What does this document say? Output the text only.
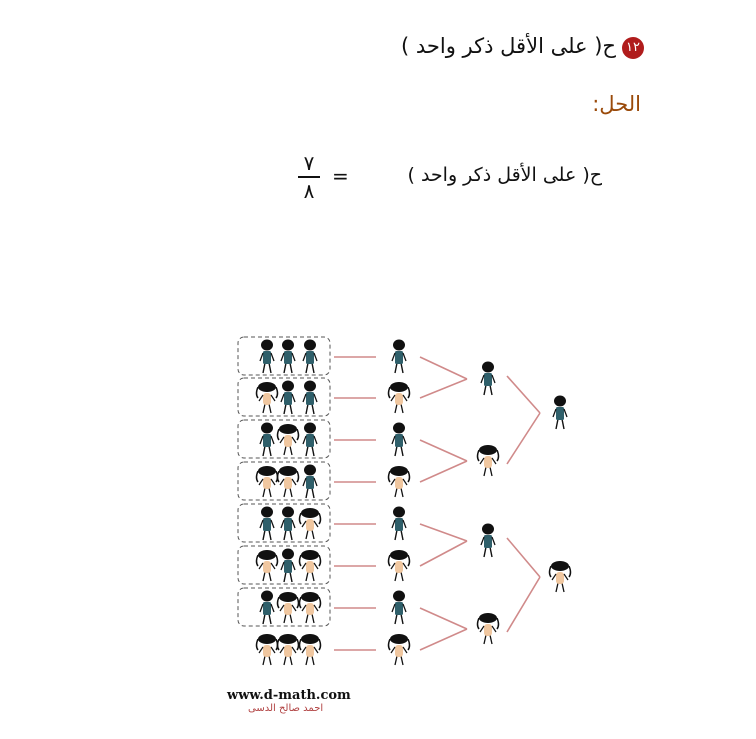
١٢ح( على الأقل ذكر واحد )
الحل:
ح( على الأقل ذكر واحد )
=
٧
٨
www.d-math.com
احمد صالح الدسى
